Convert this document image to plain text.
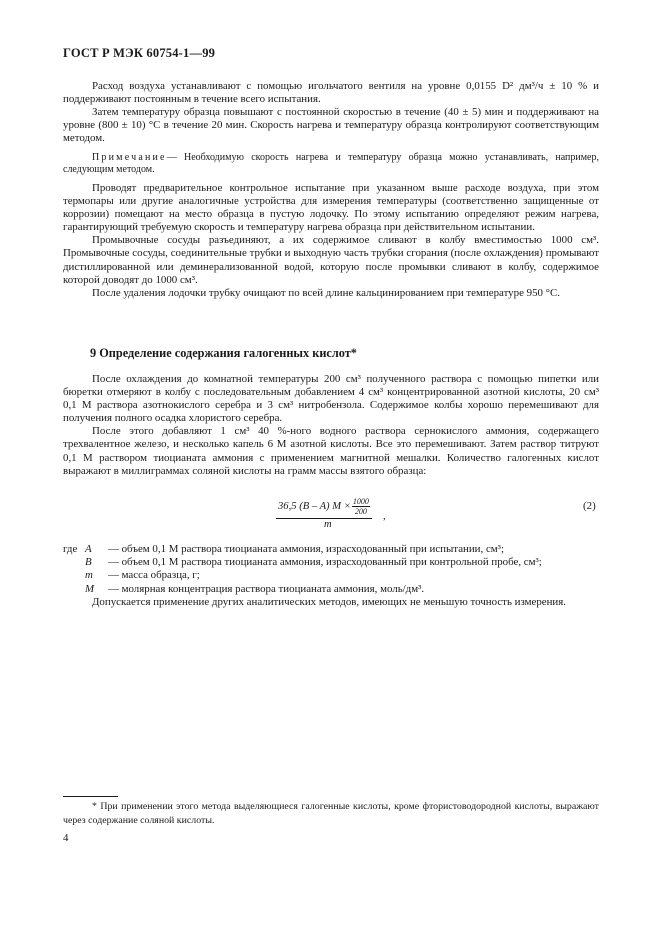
ГОСТ Р МЭК 60754-1—99

Расход воздуха устанавливают с помощью игольчатого вентиля на уровне 0,0155 D² дм³/ч ± 10 % и поддерживают постоянным в течение всего испытания.

Затем температуру образца повышают с постоянной скоростью в течение (40 ± 5) мин и поддерживают на уровне (800 ± 10) °С в течение 20 мин. Скорость нагрева и температуру образца контролируют соответствующим методом.

Примечание— Необходимую скорость нагрева и температуру образца можно устанавливать, например, следующим методом.

Проводят предварительное контрольное испытание при указанном выше расходе воздуха, при этом термопары или другие аналогичные устройства для измерения температуры (соответственно защищенные от коррозии) помещают на место образца в пустую лодочку. По этому испытанию определяют режим нагрева, гарантирующий требуемую скорость и температуру нагрева образца при действительном испытании.

Промывочные сосуды разъединяют, а их содержимое сливают в колбу вместимостью 1000 см³. Промывочные сосуды, соединительные трубки и выходную часть трубки сгорания (после охлаждения) промывают дистиллированной или деминерализованной водой, которую после промывки сливают в колбу, содержимое которой доводят до 1000 см³.

После удаления лодочки трубку очищают по всей длине кальцинированием при температуре 950 °С.

9 Определение содержания галогенных кислот*

После охлаждения до комнатной температуры 200 см³ полученного раствора с помощью пипетки или бюретки отмеряют в колбу с последовательным добавлением 4 см³ концентрированной азотной кислоты, 20 см³ 0,1 М раствора азотнокислого серебра и 3 см³ нитробензола. Содержимое колбы хорошо перемешивают для получения полного осадка хлористого серебра.

После этого добавляют 1 см³ 40 %-ного водного раствора сернокислого аммония, содержащего трехвалентное железо, и несколько капель 6 М азотной кислоты. Все это перемешивают. Затем раствор титруют 0,1 М раствором тиоцианата аммония с применением магнитной мешалки. Количество галогенных кислот выражают в миллиграммах соляной кислоты на грамм массы взятого образца:

36,5 (B – A) $M \times \frac{1000}{200}$
m
,
(2)
где A — объем 0,1 М раствора тиоцианата аммония, израсходованный при испытании, см³;
B — объем 0,1 М раствора тиоцианата аммония, израсходованный при контрольной пробе, см³;
m — масса образца, г;
M — молярная концентрация раствора тиоцианата аммония, моль/дм³.

Допускается применение других аналитических методов, имеющих не меньшую точность измерения.

* При применении этого метода выделяющиеся галогенные кислоты, кроме фтористоводородной кислоты, выражают через содержание соляной кислоты.

4
